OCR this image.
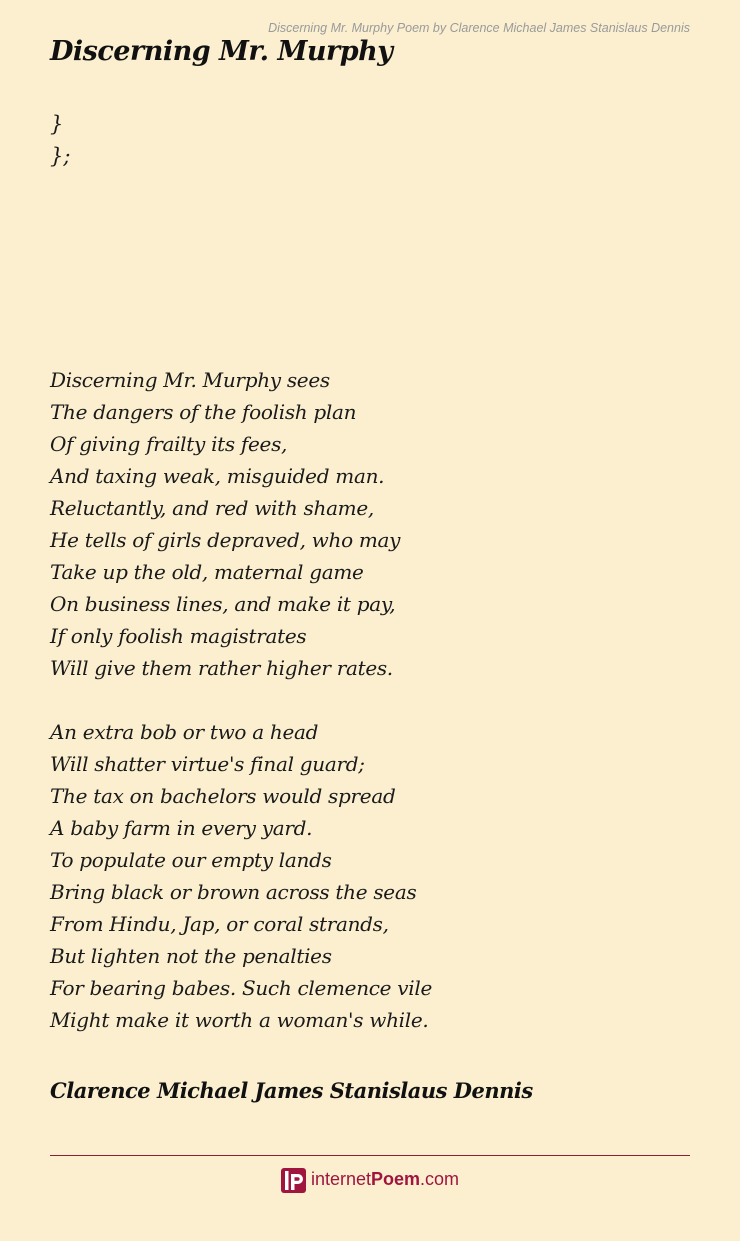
Discerning Mr. Murphy Poem by Clarence Michael James Stanislaus Dennis
Discerning Mr. Murphy
}
};
Discerning Mr. Murphy sees
The dangers of the foolish plan
Of giving frailty its fees,
And taxing weak, misguided man.
Reluctantly, and red with shame,
He tells of girls depraved, who may
Take up the old, maternal game
On business lines, and make it pay,
If only foolish magistrates
Will give them rather higher rates.
An extra bob or two a head
Will shatter virtue's final guard;
The tax on bachelors would spread
A baby farm in every yard.
To populate our empty lands
Bring black or brown across the seas
From Hindu, Jap, or coral strands,
But lighten not the penalties
For bearing babes. Such clemence vile
Might make it worth a woman's while.
Clarence Michael James Stanislaus Dennis
internet Poem .com
